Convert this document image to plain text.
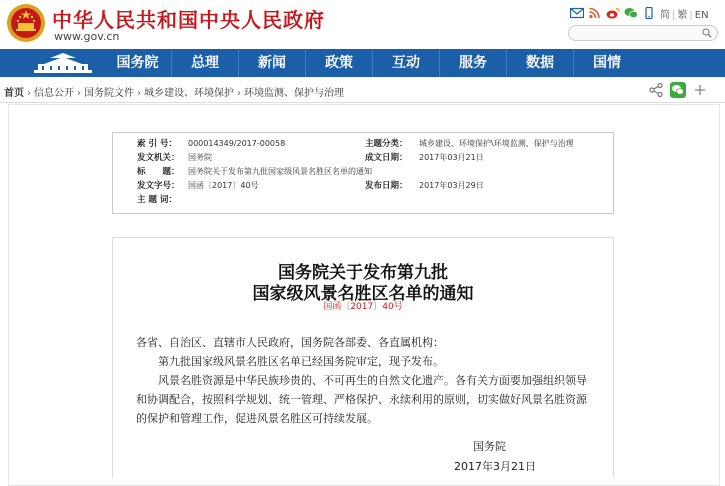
中华人民共和国中央人民政府
www.gov.cn
简 | 繁 | EN
国务院	总理	新闻	政策	互动	服务	数据	国情
首页 › 信息公开 › 国务院文件 › 城乡建设、环境保护 › 环境监测、保护与治理
索 引 号： 000014349/2017-00058	主题分类： 城乡建设、环境保护\环境监测、保护与治理
发文机关： 国务院	成文日期： 2017年03月21日
标　　题： 国务院关于发布第九批国家级风景名胜区名单的通知
发文字号： 国函〔2017〕40号	发布日期： 2017年03月29日
主 题 词：
国务院关于发布第九批
国家级风景名胜区名单的通知
国函〔2017〕40号
各省、自治区、直辖市人民政府，国务院各部委、各直属机构：
第九批国家级风景名胜区名单已经国务院审定，现予发布。
风景名胜资源是中华民族珍贵的、不可再生的自然文化遗产。各有关方面要加强组织领导和协调配合，按照科学规划、统一管理、严格保护、永续利用的原则，切实做好风景名胜资源的保护和管理工作，促进风景名胜区可持续发展。
国务院
2017年3月21日
